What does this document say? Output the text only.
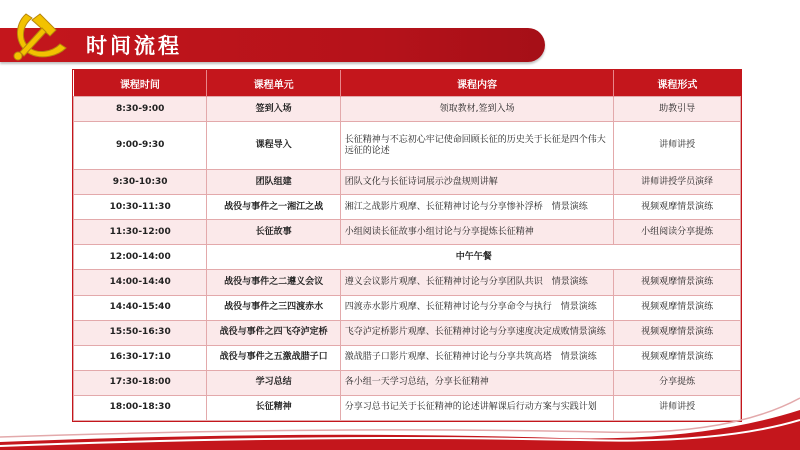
时间流程
课程时间	课程单元	课程内容	课程形式
8:30-9:00	签到入场	领取教材,签到入场	助教引导
9:00-9:30	课程导入	长征精神与不忘初心牢记使命回顾长征的历史关于长征是四个伟大远征的论述	讲师讲授
9:30-10:30	团队组建	团队文化与长征诗词展示沙盘规则讲解	讲师讲授学员演绎
10:30-11:30	战役与事件之一湘江之战	湘江之战影片观摩、长征精神讨论与分享惨补浮桥　情景演练	视频观摩情景演练
11:30-12:00	长征故事	小组阅读长征故事小组讨论与分享提炼长征精神	小组阅读分享提炼
12:00-14:00	中午午餐		
14:00-14:40	战役与事件之二遵义会议	遵义会议影片观摩、长征精神讨论与分享团队共识　情景演练	视频观摩情景演练
14:40-15:40	战役与事件之三四渡赤水	四渡赤水影片观摩、长征精神讨论与分享命令与执行　情景演练	视频观摩情景演练
15:50-16:30	战役与事件之四飞夺泸定桥	飞夺泸定桥影片观摩、长征精神讨论与分享速度决定成败情景演练	视频观摩情景演练
16:30-17:10	战役与事件之五激战腊子口	激战腊子口影片观摩、长征精神讨论与分享共筑高塔　情景演练	视频观摩情景演练
17:30-18:00	学习总结	各小组一天学习总结，分享长征精神	分享提炼
18:00-18:30	长征精神	分享习总书记关于长征精神的论述讲解课后行动方案与实践计划	讲师讲授
